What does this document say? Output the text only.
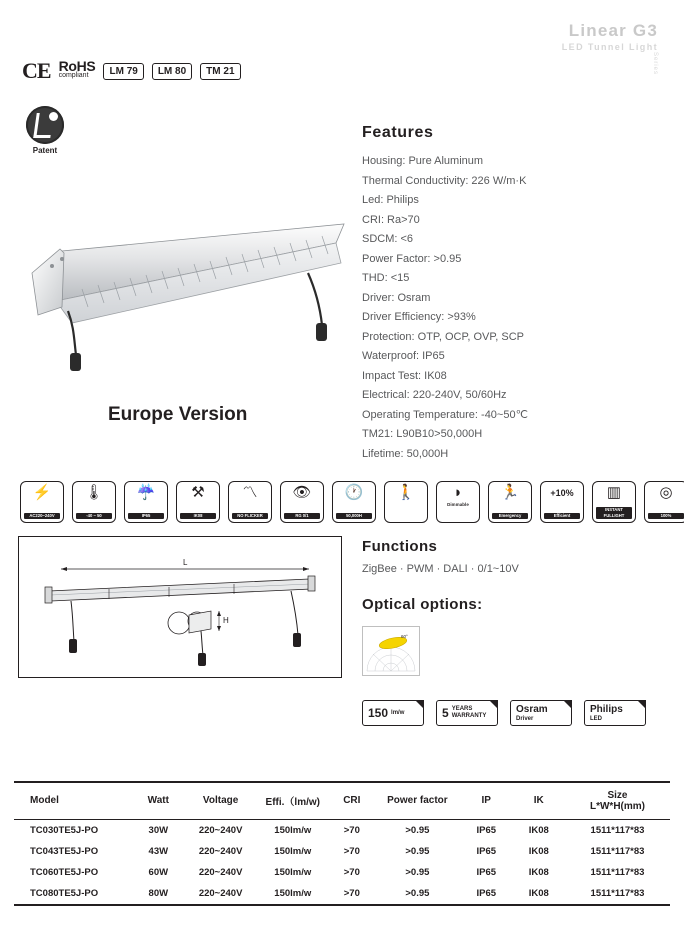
Linear G3
LED Tunnel Light
Series
CE RoHS
compliant	LM 79	LM 80	TM 21
Patent
Europe Version
Features
Housing: Pure Aluminum
Thermal Conductivity: 226 W/m·K
Led: Philips
CRI: Ra>70
SDCM: <6
Power Factor: >0.95
THD: <15
Driver: Osram
Driver Efficiency: >93%
Protection: OTP, OCP, OVP, SCP
Waterproof: IP65
Impact Test: IK08
Electrical: 220-240V, 50/60Hz
Operating Temperature: -40~50℃
TM21: L90B10>50,000H
Lifetime: 50,000H
⚡
AC220~240V
🌡
-40 ~ 50
☔
IP65
⚒
IK08
〽
NO FLICKER
👁
RG 0/1
🕐
50,000H
🚶	◗
Dimmable
🏃
Emergency
+10%
Efficient
▥
INSTANT FULLIGHT
◎
100%
L
H
Functions

ZigBee · PWM · DALI · 0/1~10V

Optical options:
60°
150 lm/w	5 YEARS
WARRANTY
Osram
Driver
Philips
LED
Model	Watt	Voltage	Effi.（lm/w)	CRI	Power factor	IP	IK	Size
L*W*H(mm)
TC030TE5J-PO	30W	220~240V	150lm/w	>70	>0.95	IP65	IK08	1511*117*83
TC043TE5J-PO	43W	220~240V	150lm/w	>70	>0.95	IP65	IK08	1511*117*83
TC060TE5J-PO	60W	220~240V	150lm/w	>70	>0.95	IP65	IK08	1511*117*83
TC080TE5J-PO	80W	220~240V	150lm/w	>70	>0.95	IP65	IK08	1511*117*83
